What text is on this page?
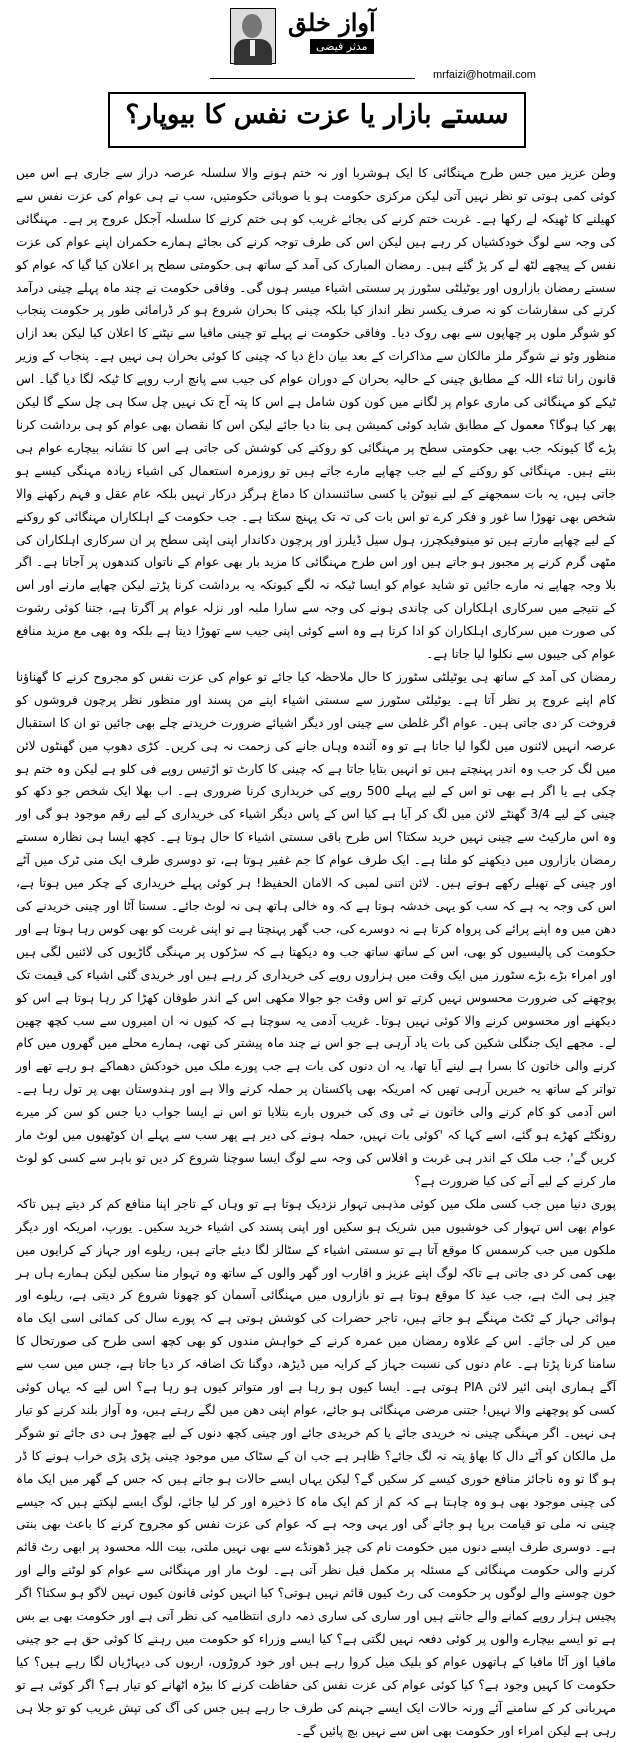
آواز خلق
مدثر فیضی
mrfaizi@hotmail.com
سستے بازار یا عزت نفس کا بیوپار؟

وطن عزیز میں جس طرح مہنگائی کا ایک ہوشربا اور نہ ختم ہونے والا سلسلہ عرصہ دراز سے جاری ہے اس میں کوئی کمی ہوتی تو نظر نہیں آتی لیکن مرکزی حکومت ہو یا صوبائی حکومتیں، سب نے ہی عوام کی عزت نفس سے کھیلنے کا ٹھیکہ لے رکھا ہے۔ غربت ختم کرنے کی بجائے غریب کو ہی ختم کرنے کا سلسلہ آجکل عروج پر ہے۔ مہنگائی کی وجہ سے لوگ خودکشیاں کر رہے ہیں لیکن اس کی طرف توجہ کرنے کی بجائے ہمارے حکمران اپنے عوام کی عزت نفس کے پیچھے لٹھ لے کر پڑ گئے ہیں۔ رمضان المبارک کی آمد کے ساتھ ہی حکومتی سطح پر اعلان کیا گیا کہ عوام کو سستے رمضان بازاروں اور یوٹیلٹی سٹورز پر سستی اشیاء میسر ہوں گی۔ وفاقی حکومت نے چند ماہ پہلے چینی درآمد کرنے کی سفارشات کو نہ صرف یکسر نظر انداز کیا بلکہ چینی کا بحران شروع ہو کر ڈرامائی طور پر حکومت پنجاب کو شوگر ملوں پر چھاپوں سے بھی روک دیا۔ وفاقی حکومت نے پہلے تو چینی مافیا سے نپٹنے کا اعلان کیا لیکن بعد ازاں منظور وٹو نے شوگر ملز مالکان سے مذاکرات کے بعد بیان داغ دیا کہ چینی کا کوئی بحران ہی نہیں ہے۔ پنجاب کے وزیر قانون رانا ثناء اللہ کے مطابق چینی کے حالیہ بحران کے دوران عوام کی جیب سے پانچ ارب روپے کا ٹیکہ لگا دیا گیا۔ اس ٹیکے کو مہنگائی کی ماری عوام پر لگانے میں کون کون شامل ہے اس کا پتہ آج تک نہیں چل سکا ہی چل سکے گا لیکن پھر کیا ہوگا؟ معمول کے مطابق شاید کوئی کمیشن ہی بنا دیا جائے لیکن اس کا نقصان بھی عوام کو ہی برداشت کرنا پڑے گا کیونکہ جب بھی حکومتی سطح پر مہنگائی کو روکنے کی کوشش کی جاتی ہے اس کا نشانہ بیچارے عوام ہی بنتے ہیں۔ مہنگائی کو روکنے کے لیے جب چھاپے مارے جاتے ہیں تو روزمرہ استعمال کی اشیاء زیادہ مہنگی کیسے ہو جاتی ہیں، یہ بات سمجھنے کے لیے نیوٹن یا کسی سائنسدان کا دماغ ہرگز درکار نہیں بلکہ عام عقل و فہم رکھنے والا شخص بھی تھوڑا سا غور و فکر کرے تو اس بات کی تہ تک پہنچ سکتا ہے۔ جب حکومت کے اہلکاران مہنگائی کو روکنے کے لیے چھاپے مارتے ہیں تو مینوفیکچرز، ہول سیل ڈیلرز اور پرچون دکاندار اپنی اپنی سطح پر ان سرکاری اہلکاران کی مٹھی گرم کرنے پر مجبور ہو جاتے ہیں اور اس طرح مہنگائی کا مزید بار بھی عوام کے ناتواں کندھوں پر آجاتا ہے۔ اگر بلا وجہ چھاپے نہ مارے جائیں تو شاید عوام کو ایسا ٹیکہ نہ لگے کیونکہ یہ برداشت کرنا پڑتے لیکن چھاپے مارنے اور اس کے نتیجے میں سرکاری اہلکاران کی چاندی ہونے کی وجہ سے سارا ملبہ اور نزلہ عوام پر آگرتا ہے، جتنا کوئی رشوت کی صورت میں سرکاری اہلکاران کو ادا کرتا ہے وہ اسے کوئی اپنی جیب سے تھوڑا دیتا ہے بلکہ وہ بھی مع مزید منافع عوام کی جیبوں سے نکلوا لیا جاتا ہے۔

رمضان کی آمد کے ساتھ ہی یوٹیلٹی سٹورز کا حال ملاحظہ کیا جائے تو عوام کی عزت نفس کو مجروح کرنے کا گھناؤنا کام اپنے عروج پر نظر آتا ہے۔ یوٹیلٹی سٹورز سے سستی اشیاء اپنے من پسند اور منظور نظر پرچون فروشوں کو فروخت کر دی جاتی ہیں۔ عوام اگر غلطی سے چینی اور دیگر اشیائے ضرورت خریدنے چلے بھی جائیں تو ان کا استقبال عرصہ انہیں لائنوں میں لگوا لیا جاتا ہے تو وہ آئندہ وہاں جانے کی زحمت نہ ہی کریں۔ کڑی دھوپ میں گھنٹوں لائن میں لگ کر جب وہ اندر پہنچتے ہیں تو انہیں بتایا جاتا ہے کہ چینی کا کارٹ تو اڑتیس روپے فی کلو ہے لیکن وہ ختم ہو چکی ہے یا اگر ہے بھی تو اس کے لیے پہلے 500 روپے کی خریداری کرنا ضروری ہے۔ اب بھلا ایک شخص جو دکھ کو چینی کے لیے 3/4 گھنٹے لائن میں لگ کر آیا ہے کیا اس کے پاس دیگر اشیاء کی خریداری کے لیے رقم موجود ہو گی اور وہ اس مارکیٹ سے چینی نہیں خرید سکتا؟ اس طرح باقی سستی اشیاء کا حال ہوتا ہے۔ کچھ ایسا ہی نظارہ سستے رمضان بازاروں میں دیکھنے کو ملتا ہے۔ ایک طرف عوام کا جم غفیر ہوتا ہے، تو دوسری طرف ایک منی ٹرک میں آٹے اور چینی کے تھیلے رکھے ہوتے ہیں۔ لائن اتنی لمبی کہ الامان الحفیظ! ہر کوئی پہلے خریداری کے چکر میں ہوتا ہے، اس کی وجہ یہ ہے کہ سب کو یہی خدشہ ہوتا ہے کہ وہ خالی ہاتھ ہی نہ لوٹ جائے۔ سستا آٹا اور چینی خریدنے کی دھن میں وہ اپنے پرائے کی پرواہ کرتا ہے نہ دوسرے کی، جب گھر پہنچتا ہے تو اپنی غربت کو بھی کوس رہا ہوتا ہے اور حکومت کی پالیسیوں کو بھی، اس کے ساتھ ساتھ جب وہ دیکھتا ہے کہ سڑکوں پر مہنگی گاڑیوں کی لائنیں لگی ہیں اور امراء بڑے بڑے سٹورز میں ایک وقت میں ہزاروں روپے کی خریداری کر رہے ہیں اور خریدی گئی اشیاء کی قیمت تک پوچھنے کی ضرورت محسوس نہیں کرتے تو اس وقت جو جوالا مکھی اس کے اندر طوفان کھڑا کر رہا ہوتا ہے اس کو دیکھنے اور محسوس کرنے والا کوئی نہیں ہوتا۔ غریب آدمی یہ سوچتا ہے کہ کیوں نہ ان امیروں سے سب کچھ چھین لے۔ مجھے ایک جنگلی شکین کی بات یاد آرہی ہے جو اس نے چند ماہ پیشتر کی تھی، ہمارے محلے میں گھروں میں کام کرنے والی خاتون کا بسرا ہے لینے آیا تھا، یہ ان دنوں کی بات ہے جب پورے ملک میں خودکش دھماکے ہو رہے تھے اور تواتر کے ساتھ یہ خبریں آرہی تھیں کہ امریکہ بھی پاکستان پر حملہ کرنے والا ہے اور ہندوستان بھی پر تول رہا ہے۔ اس آدمی کو کام کرنے والی خاتون نے ٹی وی کی خبروں بارے بتلایا تو اس نے ایسا جواب دیا جس کو سن کر میرے رونگٹے کھڑے ہو گئے، اسے کہا کہ 'کوئی بات نہیں، حملہ ہونے کی دیر ہے پھر سب سے پہلے ان کوٹھیوں میں لوٹ مار کریں گے'، جب ملک کے اندر ہی غربت و افلاس کی وجہ سے لوگ ایسا سوچنا شروع کر دیں تو باہر سے کسی کو لوٹ مار کرنے کے لیے آنے کی کیا ضرورت ہے؟

پوری دنیا میں جب کسی ملک میں کوئی مذہبی تہوار نزدیک ہوتا ہے تو وہاں کے تاجر اپنا منافع کم کر دیتے ہیں تاکہ عوام بھی اس تہوار کی خوشیوں میں شریک ہو سکیں اور اپنی پسند کی اشیاء خرید سکیں۔ یورپ، امریکہ اور دیگر ملکوں میں جب کرسمس کا موقع آتا ہے تو سستی اشیاء کے سٹالز لگا دیئے جاتے ہیں، ریلوے اور جہاز کے کرایوں میں بھی کمی کر دی جاتی ہے تاکہ لوگ اپنے عزیز و اقارب اور گھر والوں کے ساتھ وہ تہوار منا سکیں لیکن ہمارے ہاں ہر چیز ہی الٹ ہے، جب عید کا موقع ہوتا ہے تو بازاروں میں مہنگائی آسمان کو چھونا شروع کر دیتی ہے، ریلوے اور ہوائی جہاز کے ٹکٹ مہنگے ہو جاتے ہیں، تاجر حضرات کی کوشش ہوتی ہے کہ پورے سال کی کمائی اسی ایک ماہ میں کر لی جائے۔ اس کے علاوہ رمضان میں عمرہ کرنے کے خواہش مندوں کو بھی کچھ اسی طرح کی صورتحال کا سامنا کرنا پڑتا ہے۔ عام دنوں کی نسبت جہاز کے کرایہ میں ڈیڑھ، دوگنا تک اضافہ کر دیا جاتا ہے، جس میں سب سے آگے ہماری اپنی ائیر لائن PIA ہوتی ہے۔ ایسا کیوں ہو رہا ہے اور متواتر کیوں ہو رہا ہے؟ اس لیے کہ یہاں کوئی کسی کو پوچھنے والا نہیں! جتنی مرضی مہنگائی ہو جائے، عوام اپنی دھن میں لگے رہتے ہیں، وہ آواز بلند کرنے کو تیار ہی نہیں۔ اگر مہنگی چینی نہ خریدی جائے یا کم خریدی جائے اور چینی کچھ دنوں کے لیے چھوڑ ہی دی جائے تو شوگر مل مالکان کو آٹے دال کا بھاؤ پتہ نہ لگ جائے؟ ظاہر ہے جب ان کے سٹاک میں موجود چینی پڑی پڑی خراب ہونے کا ڈر ہو گا تو وہ ناجائز منافع خوری کیسے کر سکیں گے؟ لیکن یہاں ایسے حالات ہو جاتے ہیں کہ جس کے گھر میں ایک ماہ کی چینی موجود بھی ہو وہ چاہتا ہے کہ کم از کم ایک ماہ کا ذخیرہ اور کر لیا جائے، لوگ ایسے لپکتے ہیں کہ جیسے چینی نہ ملی تو قیامت برپا ہو جائے گی اور یہی وجہ ہے کہ عوام کی عزت نفس کو مجروح کرنے کا باعث بھی بنتی ہے۔ دوسری طرف ایسے دنوں میں حکومت نام کی چیز ڈھونڈے سے بھی نہیں ملتی، بیت اللہ محسود پر ابھی رٹ قائم کرنے والی حکومت مہنگائی کے مسئلہ پر مکمل فیل نظر آتی ہے۔ لوٹ مار اور مہنگائی سے عوام کو لوٹنے والے اور خون چوسنے والے لوگوں پر حکومت کی رٹ کیوں قائم نہیں ہوتی؟ کیا انہیں کوئی قانون کیوں نہیں لاگو ہو سکتا؟ اگر پچیس ہزار روپے کمانے والے جانتے ہیں اور ساری کی ساری ذمہ داری انتظامیہ کی نظر آتی ہے اور حکومت بھی بے بس ہے تو ایسے بیچارے والوں پر کوئی دفعہ نہیں لگتی ہے؟ کیا ایسے وزراء کو حکومت میں رہنے کا کوئی حق ہے جو چینی مافیا اور آٹا مافیا کے ہاتھوں عوام کو بلیک میل کروا رہے ہیں اور خود کروڑوں، اربوں کی دیہاڑیاں لگا رہے ہیں؟ کیا حکومت کا کہیں وجود ہے؟ کیا کوئی عوام کی عزت نفس کی حفاظت کرنے کا بیڑہ اٹھانے کو تیار ہے؟ اگر کوئی ہے تو مہربانی کر کے سامنے آئے ورنہ حالات ایک ایسے جہنم کی طرف جا رہے ہیں جس کی آگ کی تپش غریب کو تو جلا ہی رہی ہے لیکن امراء اور حکومت بھی اس سے نہیں بچ پائیں گے۔
